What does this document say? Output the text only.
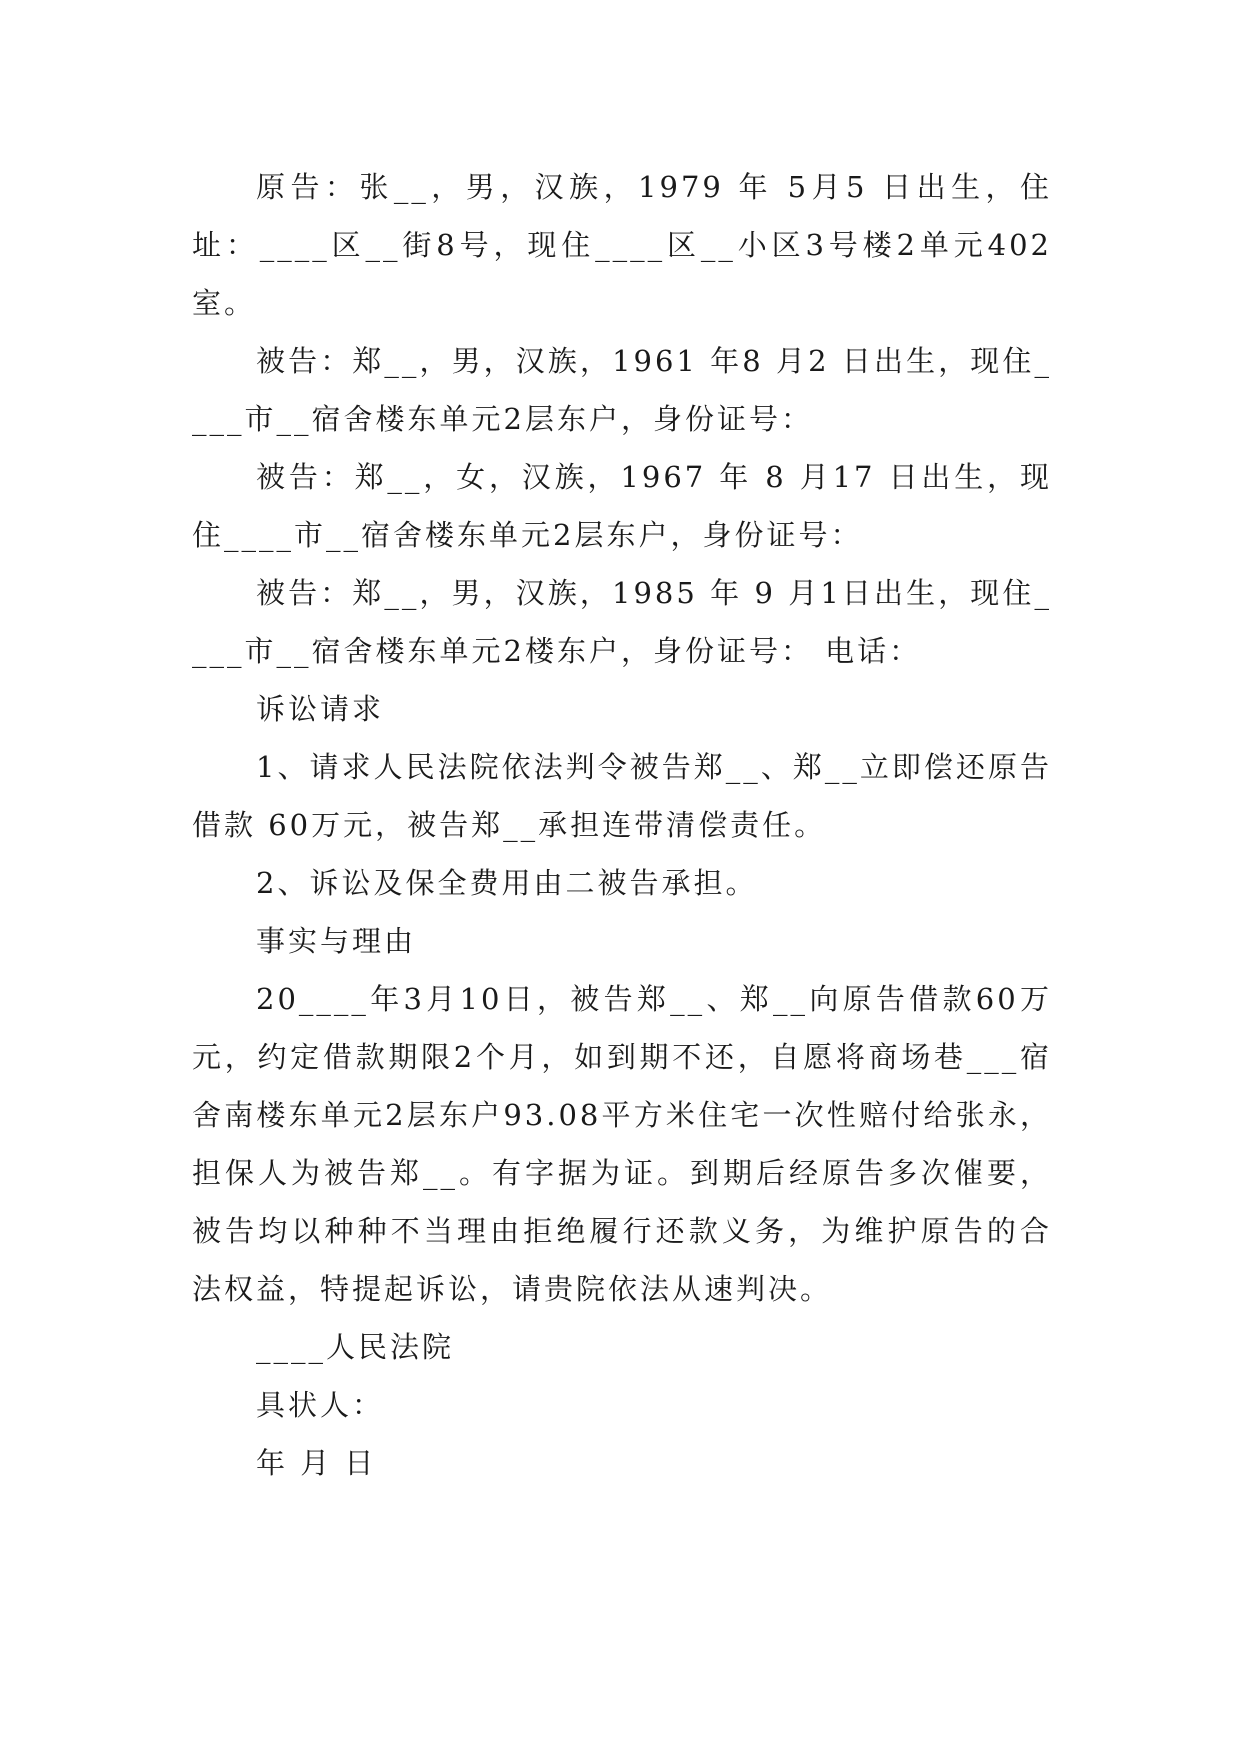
原告：张__，男，汉族，1979 年 5月5 日出生，住址：____区__街8号，现住____区__小区3号楼2单元402室。

被告：郑__，男，汉族，1961 年8 月2 日出生，现住____市__宿舍楼东单元2层东户，身份证号：

被告：郑__，女，汉族，1967 年 8 月17 日出生，现住____市__宿舍楼东单元2层东户，身份证号：

被告：郑__，男，汉族，1985 年 9 月1日出生，现住____市__宿舍楼东单元2楼东户，身份证号： 电话：

诉讼请求

1、请求人民法院依法判令被告郑__、郑__立即偿还原告借款 60万元，被告郑__承担连带清偿责任。

2、诉讼及保全费用由二被告承担。

事实与理由

20____年3月10日，被告郑__、郑__向原告借款60万元，约定借款期限2个月，如到期不还，自愿将商场巷___宿舍南楼东单元2层东户93.08平方米住宅一次性赔付给张永，担保人为被告郑__。有字据为证。到期后经原告多次催要，被告均以种种不当理由拒绝履行还款义务，为维护原告的合法权益，特提起诉讼，请贵院依法从速判决。

____人民法院

具状人：

年 月 日
